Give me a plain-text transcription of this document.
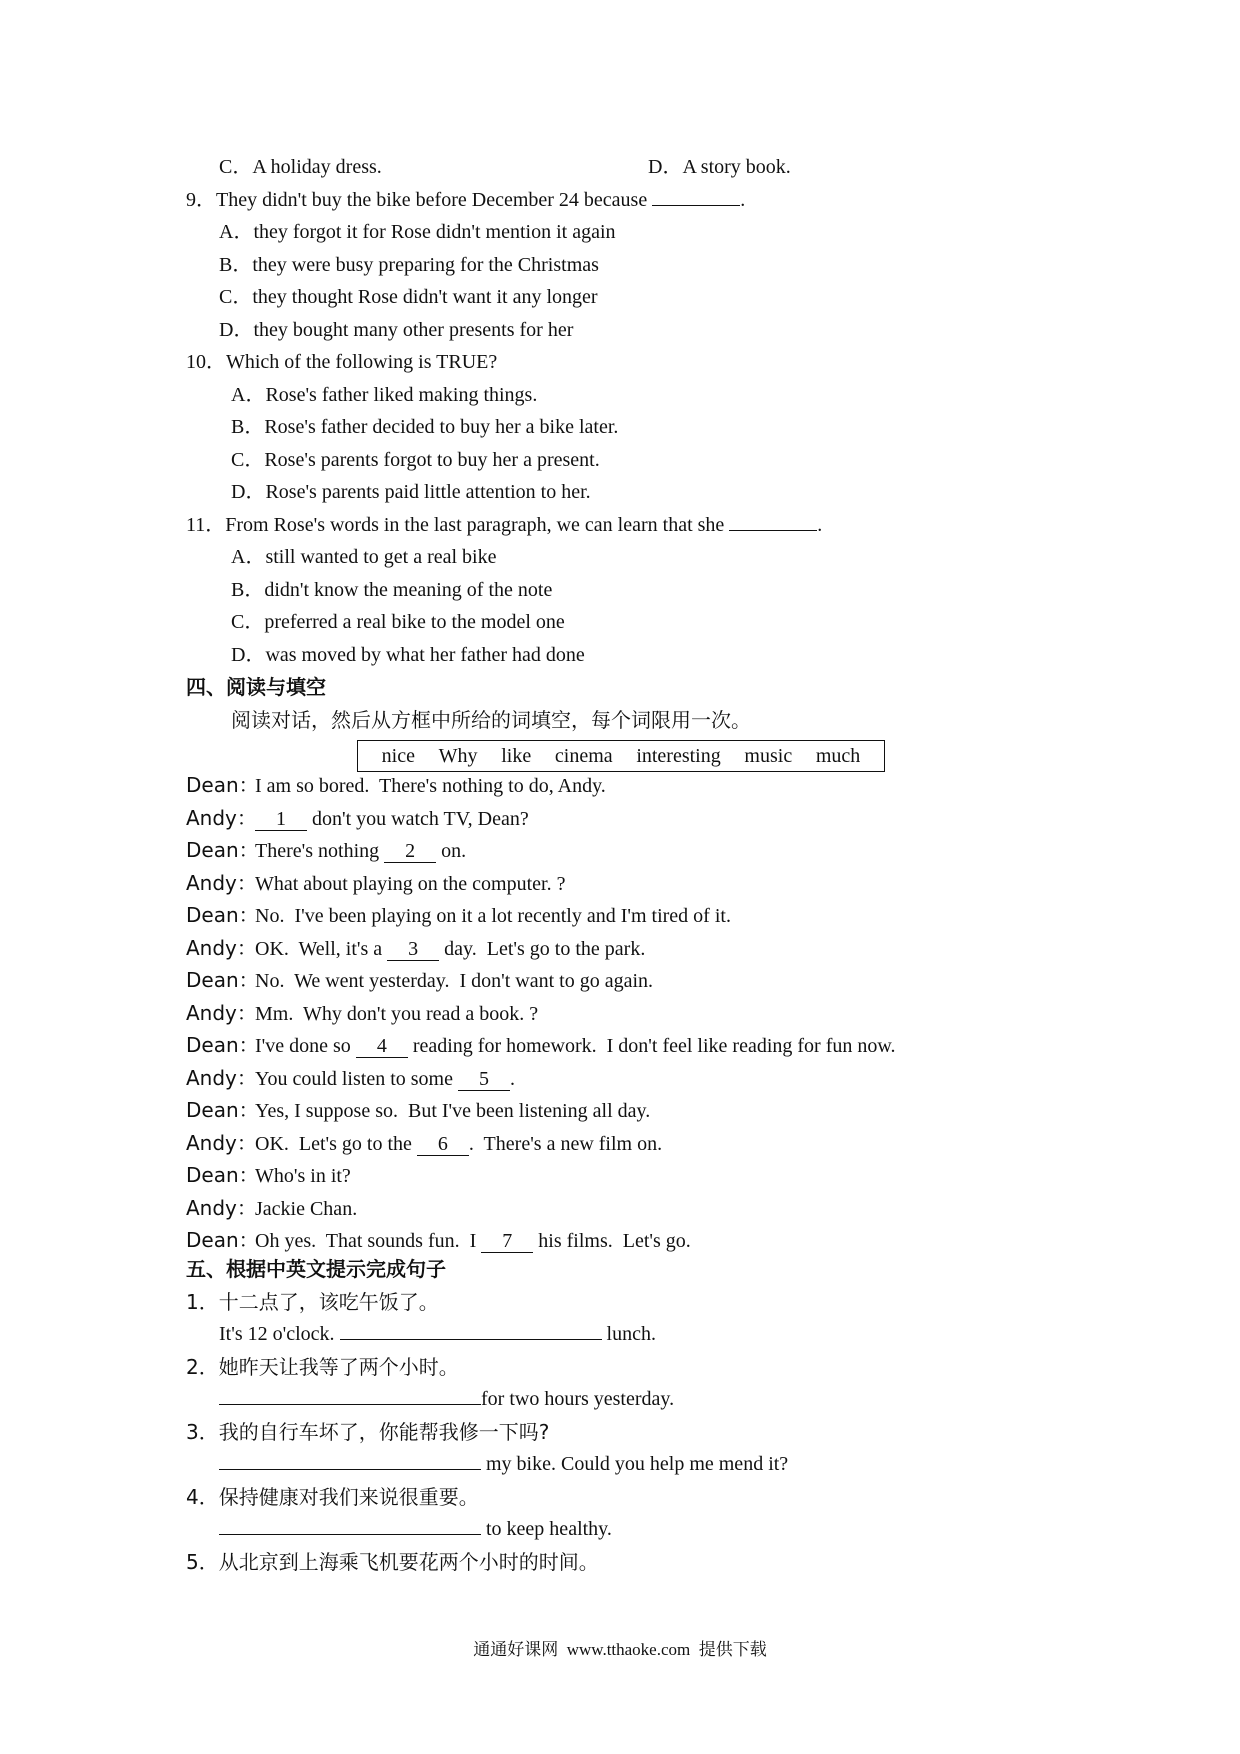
C．A holiday dress.	D．A story book.
9．They didn't buy the bike before December 24 because	.
A．they forgot it for Rose didn't mention it again
B．they were busy preparing for the Christmas
C．they thought Rose didn't want it any longer
D．they bought many other presents for her
10．Which of the following is TRUE?
A．Rose's father liked making things.
B．Rose's father decided to buy her a bike later.
C．Rose's parents forgot to buy her a present.
D．Rose's parents paid little attention to her.
11．From Rose's words in the last paragraph, we can learn that she	.
A．still wanted to get a real bike
B．didn't know the meaning of the note
C．preferred a real bike to the model one
D．was moved by what her father had done
四、阅读与填空
阅读对话，然后从方框中所给的词填空，每个词限用一次。
nice Why like cinema interesting music much
Dean：I am so bored.  There's nothing to do, Andy.
Andy： 1 don't you watch TV, Dean?
Dean：There's nothing 2 on.
Andy：What about playing on the computer. ?
Dean：No.  I've been playing on it a lot recently and I'm tired of it.
Andy：OK.  Well, it's a 3 day.  Let's go to the park.
Dean：No.  We went yesterday.  I don't want to go again.
Andy：Mm.  Why don't you read a book. ?
Dean：I've done so 4 reading for homework.  I don't feel like reading for fun now.
Andy：You could listen to some 5 .
Dean：Yes, I suppose so.  But I've been listening all day.
Andy：OK.  Let's go to the 6 .  There's a new film on.
Dean：Who's in it?
Andy：Jackie Chan.
Dean：Oh yes.  That sounds fun.  I 7 his films.  Let's go.
五、根据中英文提示完成句子
1．十二点了，该吃午饭了。
It's 12 o'clock.	lunch.
2．她昨天让我等了两个小时。
for two hours yesterday.
3．我的自行车坏了，你能帮我修一下吗?
my bike. Could you help me mend it?
4．保持健康对我们来说很重要。
to keep healthy.
5．从北京到上海乘飞机要花两个小时的时间。
通通好课网 www.tthaoke.com 提供下载
